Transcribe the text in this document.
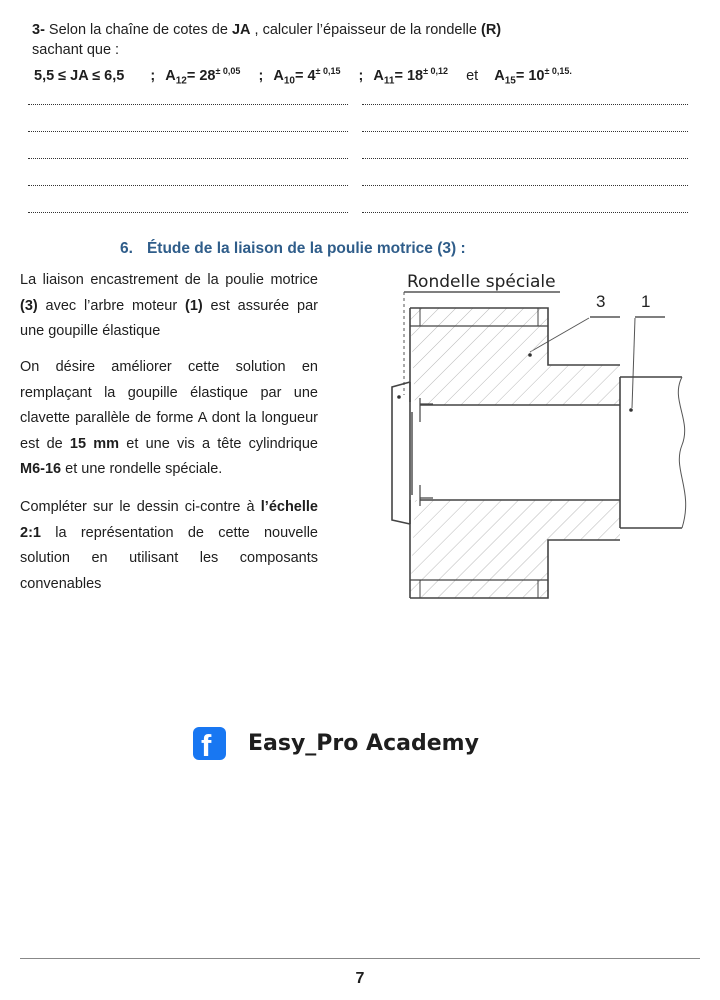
3- Selon la chaîne de cotes de JA , calculer l’épaisseur de la rondelle (R)
sachant que :
5,5 ≤ JA ≤ 6,5 ; $A_{12}= 28^{\pm 0,05}$ ; $A_{10}= 4^{\pm 0,15}$ ; $A_{11}= 18^{\pm 0,12}$ et $A_{15}= 10^{\pm 0,15.}$
6. Étude de la liaison de la poulie motrice (3) :
La liaison encastrement de la poulie motrice (3) avec l’arbre moteur (1) est assurée par une goupille élastique
On désire améliorer cette solution en remplaçant la goupille élastique par une clavette parallèle de forme A dont la longueur est de 15 mm et une vis a tête cylindrique M6-16 et une rondelle spéciale.
Compléter sur le dessin ci-contre à l’échelle 2:1 la représentation de cette nouvelle solution en utilisant les composants convenables
Rondelle spéciale
3 1
f Easy_Pro Academy
7
